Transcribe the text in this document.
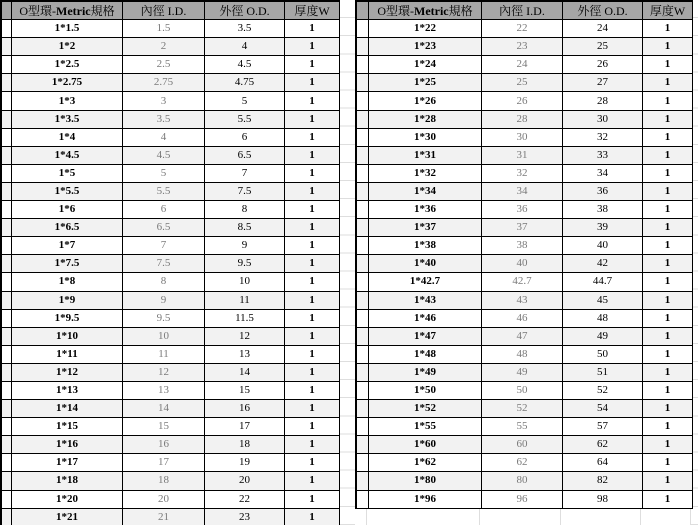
O型環- Metric 規格	內徑 I.D.	外徑 O.D.	厚度W
1*1.5	1.5	3.5	1
1*2	2	4	1
1*2.5	2.5	4.5	1
1*2.75	2.75	4.75	1
1*3	3	5	1
1*3.5	3.5	5.5	1
1*4	4	6	1
1*4.5	4.5	6.5	1
1*5	5	7	1
1*5.5	5.5	7.5	1
1*6	6	8	1
1*6.5	6.5	8.5	1
1*7	7	9	1
1*7.5	7.5	9.5	1
1*8	8	10	1
1*9	9	11	1
1*9.5	9.5	11.5	1
1*10	10	12	1
1*11	11	13	1
1*12	12	14	1
1*13	13	15	1
1*14	14	16	1
1*15	15	17	1
1*16	16	18	1
1*17	17	19	1
1*18	18	20	1
1*20	20	22	1
1*21	21	23	1
O型環- Metric 規格	內徑 I.D.	外徑 O.D.	厚度W
1*22	22	24	1
1*23	23	25	1
1*24	24	26	1
1*25	25	27	1
1*26	26	28	1
1*28	28	30	1
1*30	30	32	1
1*31	31	33	1
1*32	32	34	1
1*34	34	36	1
1*36	36	38	1
1*37	37	39	1
1*38	38	40	1
1*40	40	42	1
1*42.7	42.7	44.7	1
1*43	43	45	1
1*46	46	48	1
1*47	47	49	1
1*48	48	50	1
1*49	49	51	1
1*50	50	52	1
1*52	52	54	1
1*55	55	57	1
1*60	60	62	1
1*62	62	64	1
1*80	80	82	1
1*96	96	98	1
